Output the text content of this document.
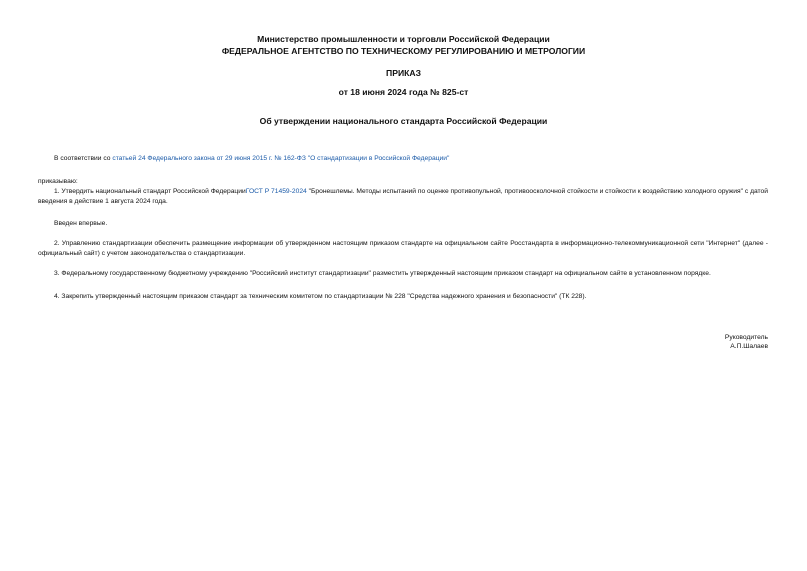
Министерство промышленности и торговли Российской Федерации
ФЕДЕРАЛЬНОЕ АГЕНТСТВО ПО ТЕХНИЧЕСКОМУ РЕГУЛИРОВАНИЮ И МЕТРОЛОГИИ
ПРИКАЗ
от 18 июня 2024 года № 825-ст
Об утверждении национального стандарта Российской Федерации
В соответствии со статьей 24 Федерального закона от 29 июня 2015 г. № 162-ФЗ "О стандартизации в Российской Федерации"
приказываю:
1. Утвердить национальный стандарт Российской ФедерацииГОСТ Р 71459-2024 "Бронешлемы. Методы испытаний по оценке противопульной, противоосколочной стойкости и стойкости к воздействию холодного оружия" с датой введения в действие 1 августа 2024 года.
Введен впервые.
2. Управлению стандартизации обеспечить размещение информации об утвержденном настоящим приказом стандарте на официальном сайте Росстандарта в информационно-телекоммуникационной сети "Интернет" (далее - официальный сайт) с учетом законодательства о стандартизации.
3. Федеральному государственному бюджетному учреждению "Российский институт стандартизации" разместить утвержденный настоящим приказом стандарт на официальном сайте в установленном порядке.
4. Закрепить утвержденный настоящим приказом стандарт за техническим комитетом по стандартизации № 228 "Средства надежного хранения и безопасности" (ТК 228).
Руководитель
А.П.Шалаев
